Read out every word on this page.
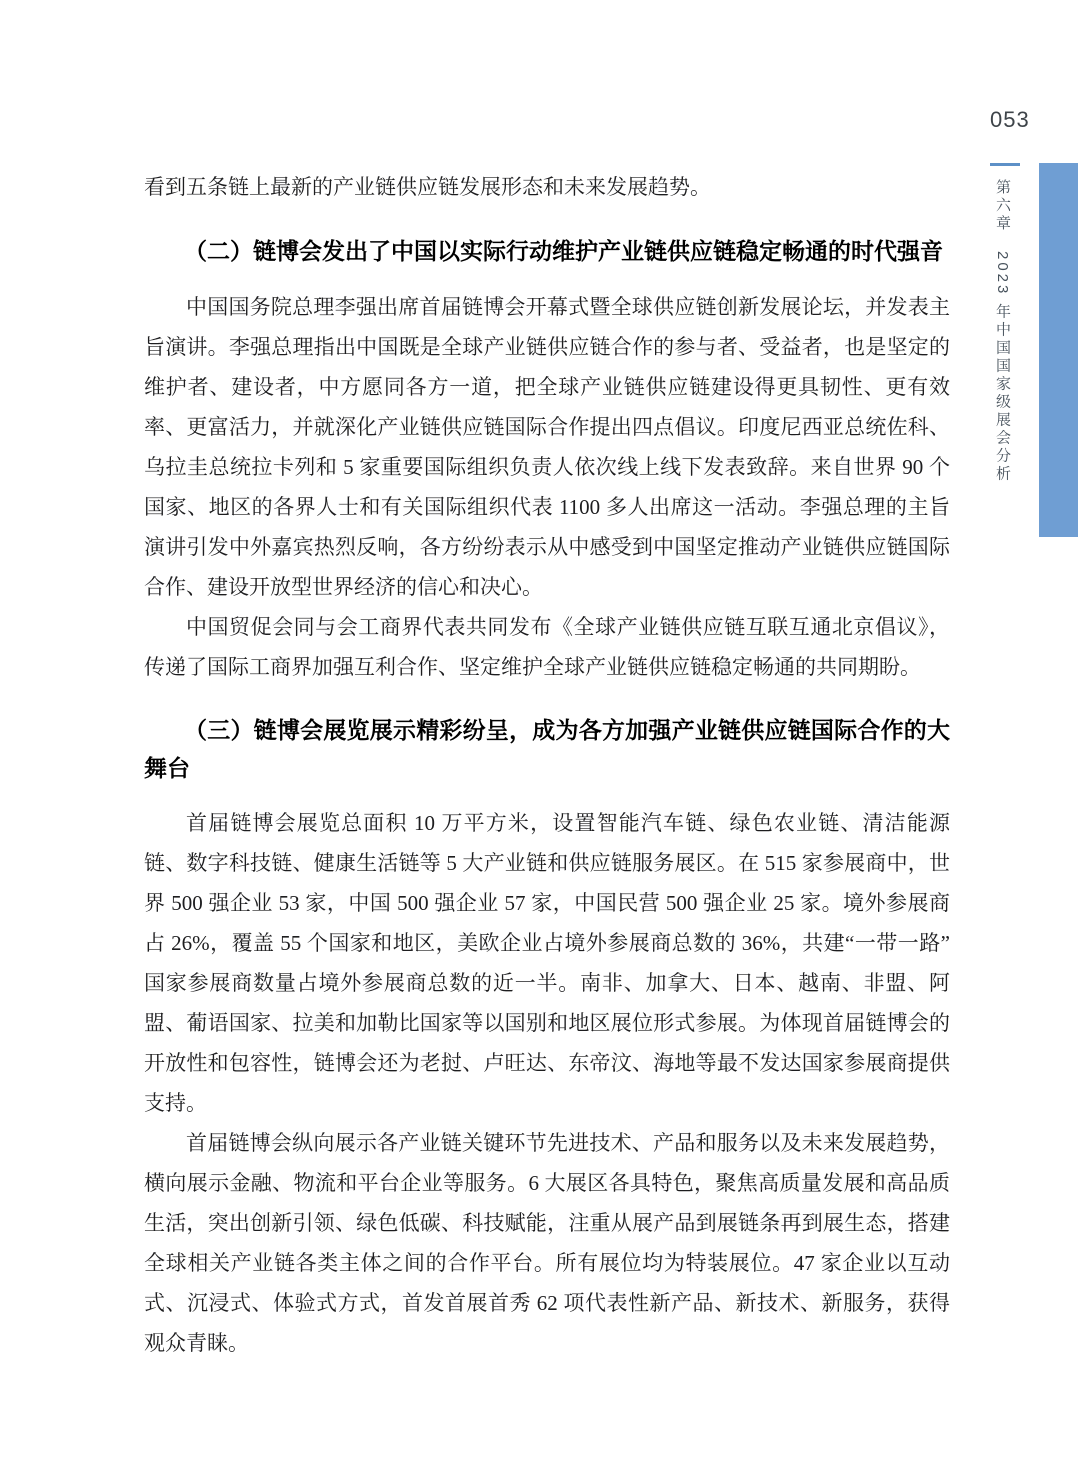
053
第六章　2023 年中国国家级展会分析

看到五条链上最新的产业链供应链发展形态和未来发展趋势。

（二）链博会发出了中国以实际行动维护产业链供应链稳定畅通的时代强音

中国国务院总理李强出席首届链博会开幕式暨全球供应链创新发展论坛，并发表主旨演讲。李强总理指出中国既是全球产业链供应链合作的参与者、受益者，也是坚定的维护者、建设者，中方愿同各方一道，把全球产业链供应链建设得更具韧性、更有效率、更富活力，并就深化产业链供应链国际合作提出四点倡议。印度尼西亚总统佐科、乌拉圭总统拉卡列和 5 家重要国际组织负责人依次线上线下发表致辞。来自世界 90 个国家、地区的各界人士和有关国际组织代表 1100 多人出席这一活动。李强总理的主旨演讲引发中外嘉宾热烈反响，各方纷纷表示从中感受到中国坚定推动产业链供应链国际合作、建设开放型世界经济的信心和决心。

中国贸促会同与会工商界代表共同发布《全球产业链供应链互联互通北京倡议》，传递了国际工商界加强互利合作、坚定维护全球产业链供应链稳定畅通的共同期盼。

（三）链博会展览展示精彩纷呈，成为各方加强产业链供应链国际合作的大舞台

首届链博会展览总面积 10 万平方米，设置智能汽车链、绿色农业链、清洁能源链、数字科技链、健康生活链等 5 大产业链和供应链服务展区。在 515 家参展商中，世界 500 强企业 53 家，中国 500 强企业 57 家，中国民营 500 强企业 25 家。境外参展商占 26%，覆盖 55 个国家和地区，美欧企业占境外参展商总数的 36%，共建“一带一路”国家参展商数量占境外参展商总数的近一半。南非、加拿大、日本、越南、非盟、阿盟、葡语国家、拉美和加勒比国家等以国别和地区展位形式参展。为体现首届链博会的开放性和包容性，链博会还为老挝、卢旺达、东帝汶、海地等最不发达国家参展商提供支持。

首届链博会纵向展示各产业链关键环节先进技术、产品和服务以及未来发展趋势，横向展示金融、物流和平台企业等服务。6 大展区各具特色，聚焦高质量发展和高品质生活，突出创新引领、绿色低碳、科技赋能，注重从展产品到展链条再到展生态，搭建全球相关产业链各类主体之间的合作平台。所有展位均为特装展位。47 家企业以互动式、沉浸式、体验式方式，首发首展首秀 62 项代表性新产品、新技术、新服务，获得观众青睐。
